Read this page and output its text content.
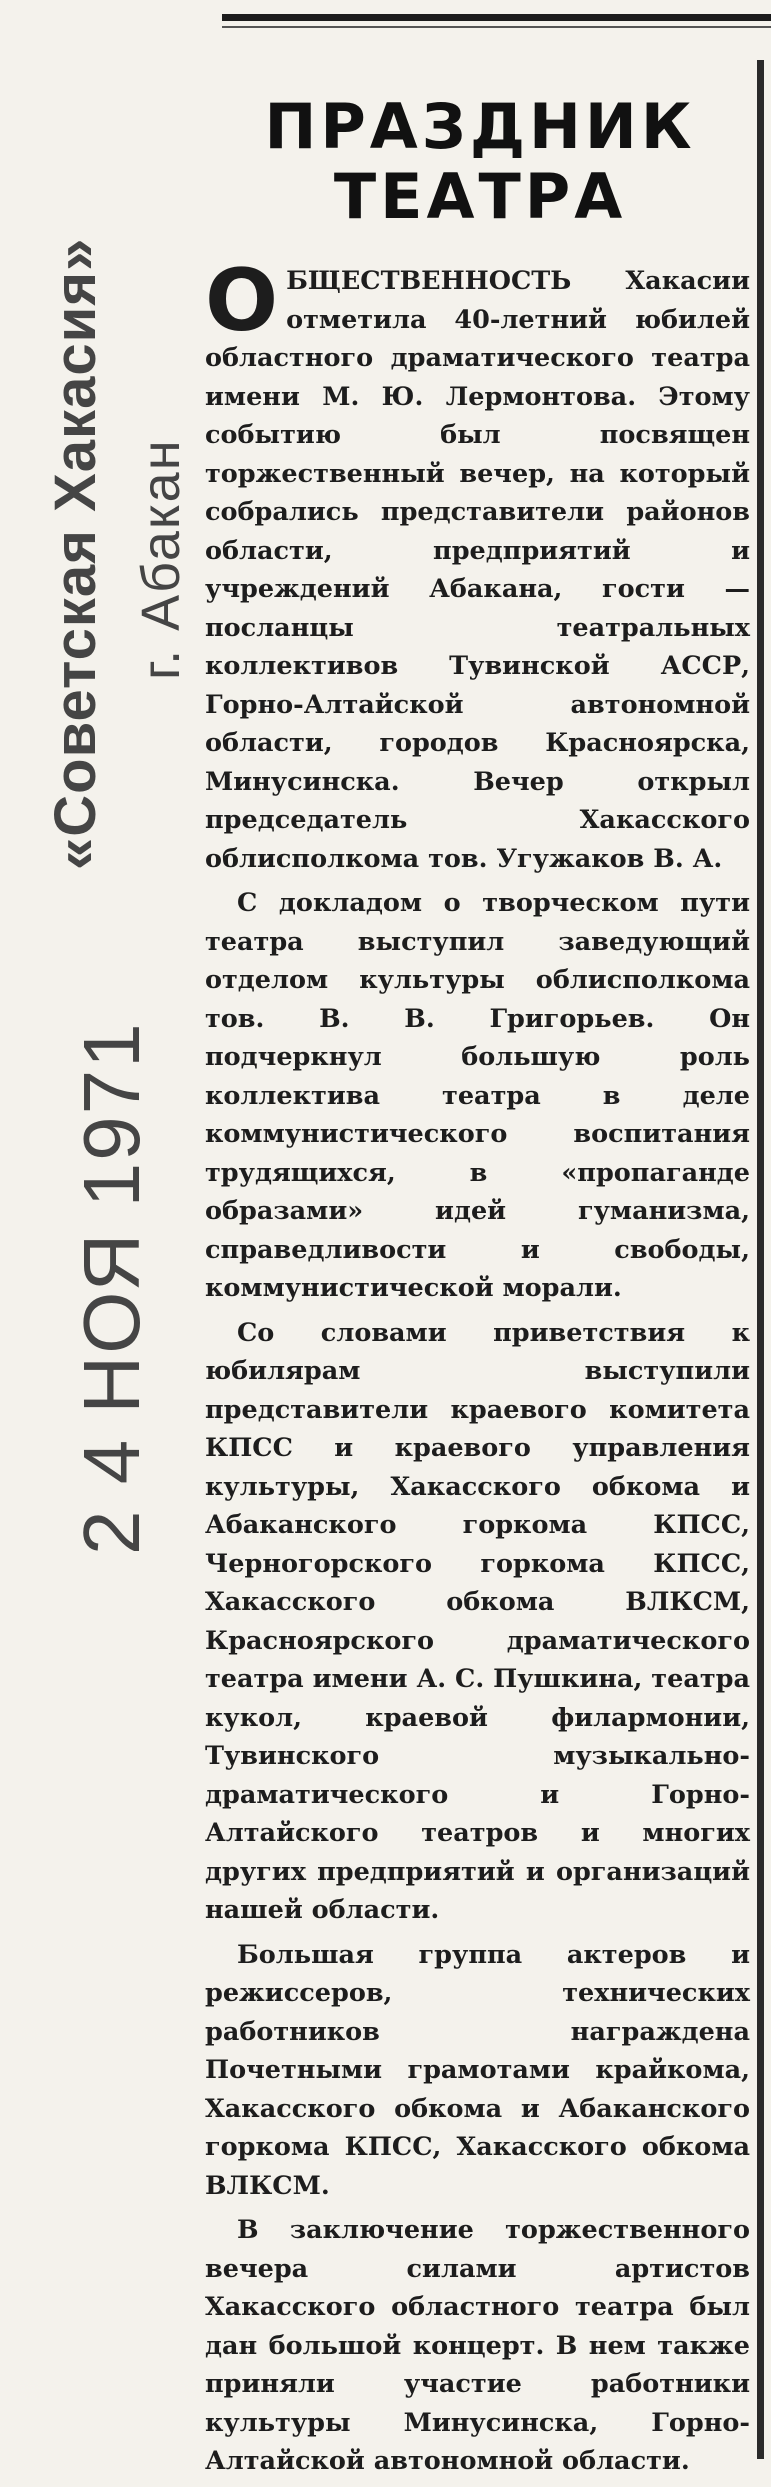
«Советская Хакасия» г. Абакан
2 4 НОЯ 1971
ПРАЗДНИК
ТЕАТРА

ОБЩЕСТВЕННОСТЬ Хакасии отметила 40-летний юбилей областного драматического театра имени М. Ю. Лермонтова. Этому событию был посвящен торжественный вечер, на который собрались представители районов области, предприятий и учреждений Абакана, гости — посланцы театральных коллективов Тувинской АССР, Горно-Алтайской автономной области, городов Красноярска, Минусинска. Вечер открыл председатель Хакасского облисполкома тов. Угужаков В. А.

С докладом о творческом пути театра выступил заведующий отделом культуры облисполкома тов. В. В. Григорьев. Он подчеркнул большую роль коллектива театра в деле коммунистического воспитания трудящихся, в «пропаганде образами» идей гуманизма, справедливости и свободы, коммунистической морали.

Со словами приветствия к юбилярам выступили представители краевого комитета КПСС и краевого управления культуры, Хакасского обкома и Абаканского горкома КПСС, Черногорского горкома КПСС, Хакасского обкома ВЛКСМ, Красноярского драматического театра имени А. С. Пушкина, театра кукол, краевой филармонии, Тувинского музыкально-драматического и Горно-Алтайского театров и многих других предприятий и организаций нашей области.

Большая группа актеров и режиссеров, технических работников награждена Почетными грамотами крайкома, Хакасского обкома и Абаканского горкома КПСС, Хакасского обкома ВЛКСМ.

В заключение торжественного вечера силами артистов Хакасского областного театра был дан большой концерт. В нем также приняли участие работники культуры Минусинска, Горно-Алтайской автономной области.
